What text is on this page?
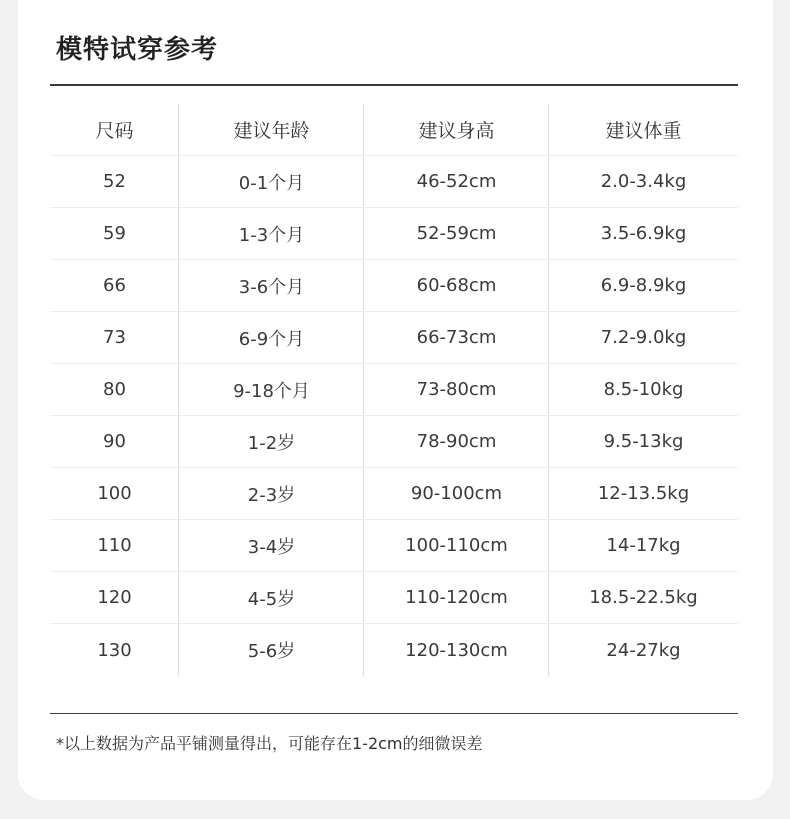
模特试穿参考
尺码	建议年龄	建议身高	建议体重
52	0-1个月	46-52cm	2.0-3.4kg
59	1-3个月	52-59cm	3.5-6.9kg
66	3-6个月	60-68cm	6.9-8.9kg
73	6-9个月	66-73cm	7.2-9.0kg
80	9-18个月	73-80cm	8.5-10kg
90	1-2岁	78-90cm	9.5-13kg
100	2-3岁	90-100cm	12-13.5kg
110	3-4岁	100-110cm	14-17kg
120	4-5岁	110-120cm	18.5-22.5kg
130	5-6岁	120-130cm	24-27kg
*以上数据为产品平铺测量得出，可能存在1-2cm的细微误差
